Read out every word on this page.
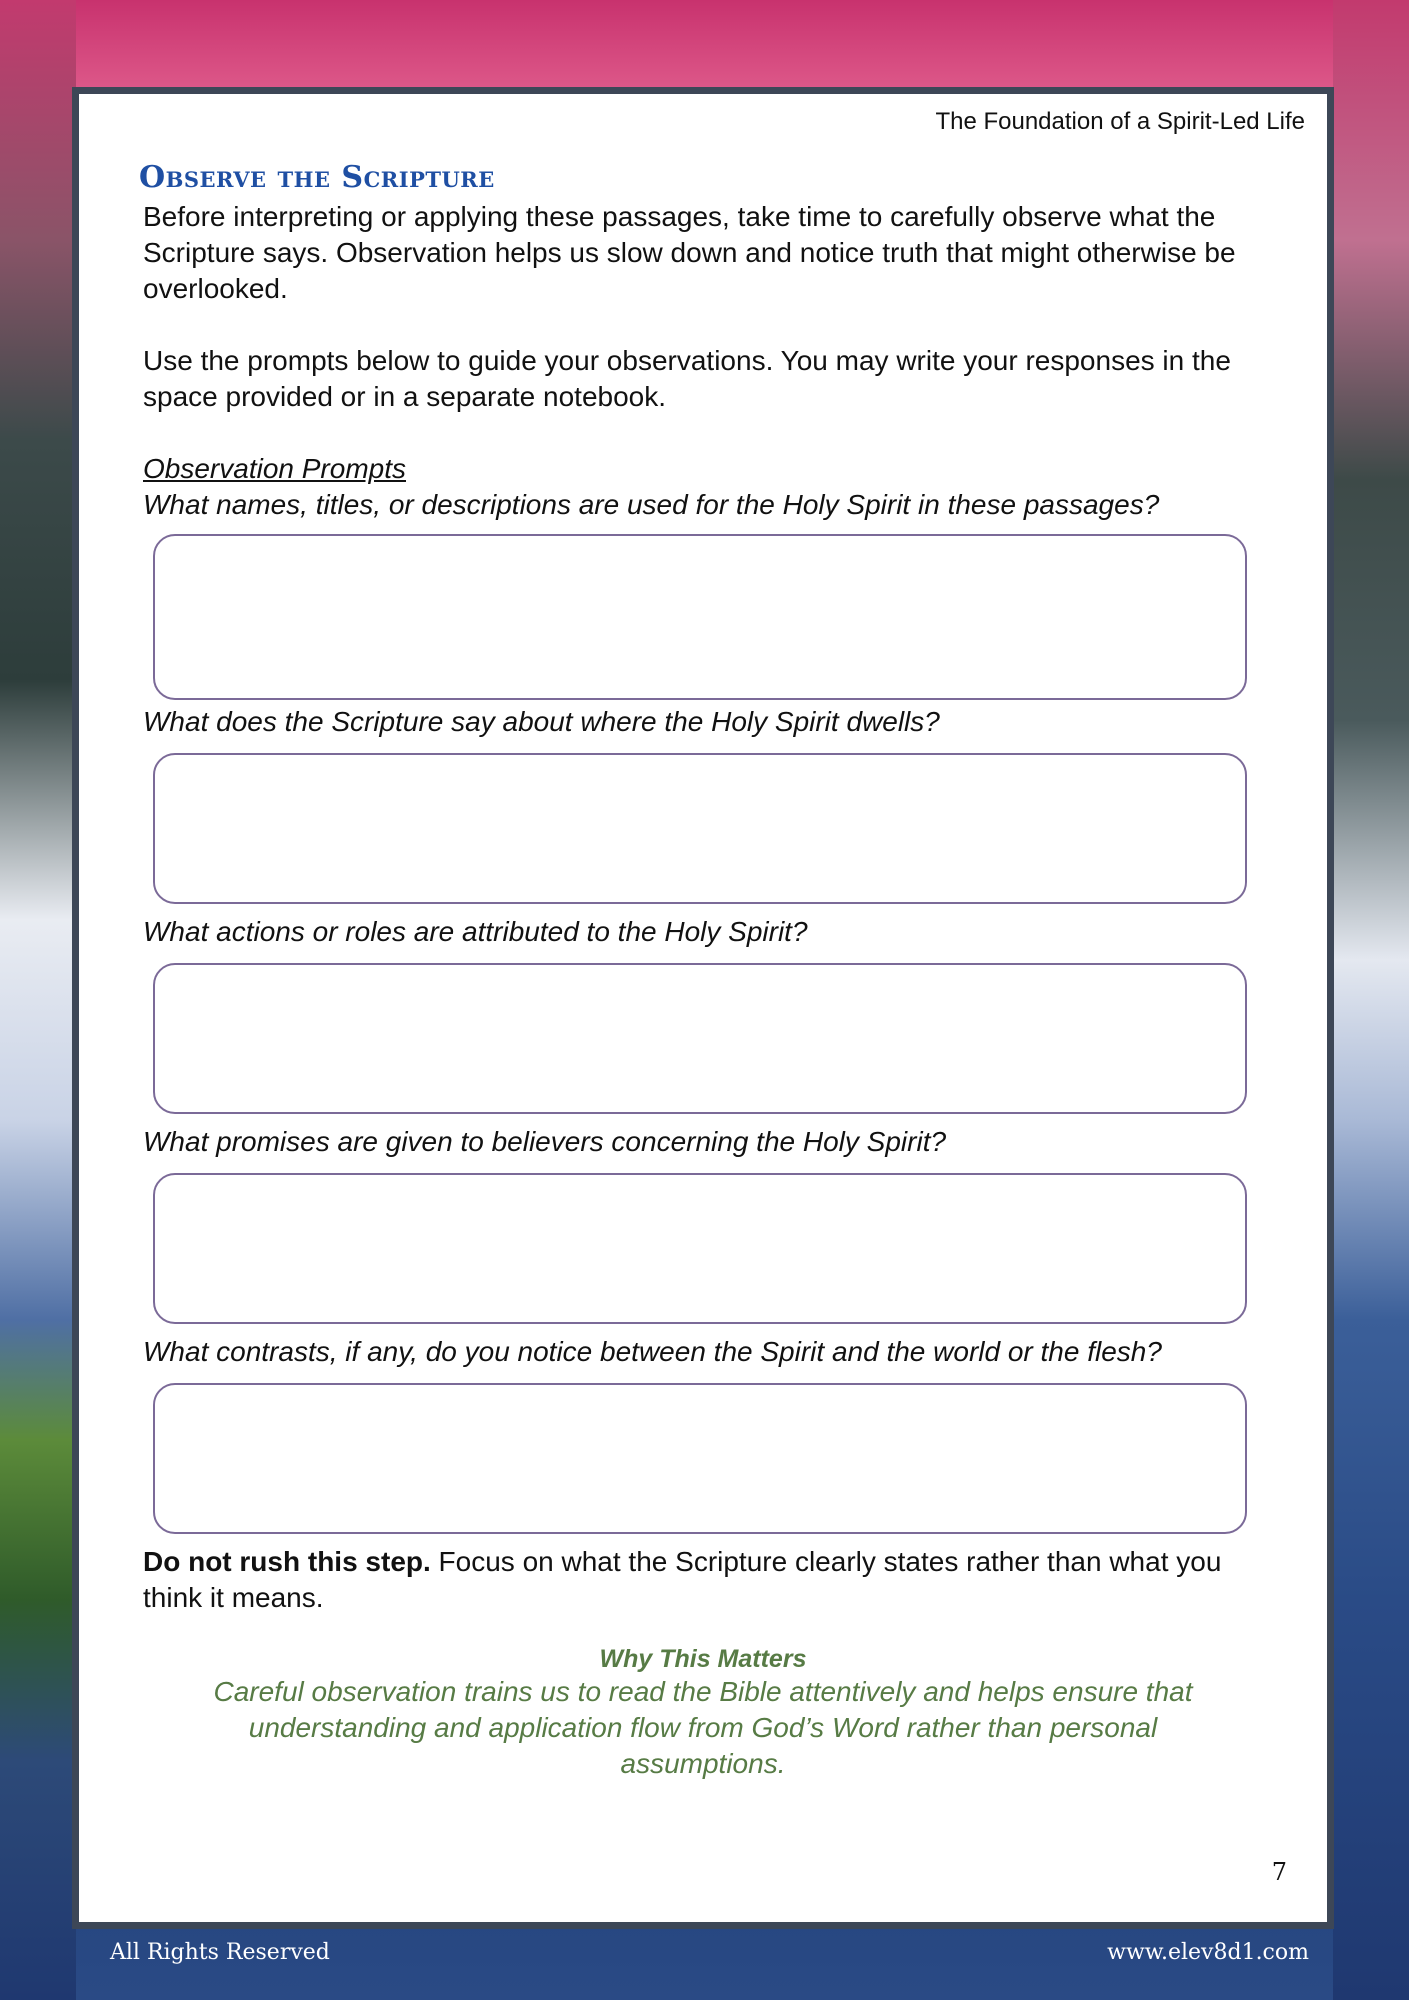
The Foundation of a Spirit-Led Life

Observe the Scripture

Before interpreting or applying these passages, take time to carefully observe what the Scripture says. Observation helps us slow down and notice truth that might otherwise be overlooked.

Use the prompts below to guide your observations. You may write your responses in the space provided or in a separate notebook.

Observation Prompts

What names, titles, or descriptions are used for the Holy Spirit in these passages?

What does the Scripture say about where the Holy Spirit dwells?

What actions or roles are attributed to the Holy Spirit?

What promises are given to believers concerning the Holy Spirit?

What contrasts, if any, do you notice between the Spirit and the world or the flesh?

Do not rush this step. Focus on what the Scripture clearly states rather than what you think it means.

Why This Matters
Careful observation trains us to read the Bible attentively and helps ensure that understanding and application flow from God’s Word rather than personal assumptions.

7

All Rights Reserved	www.elev8d1.com
